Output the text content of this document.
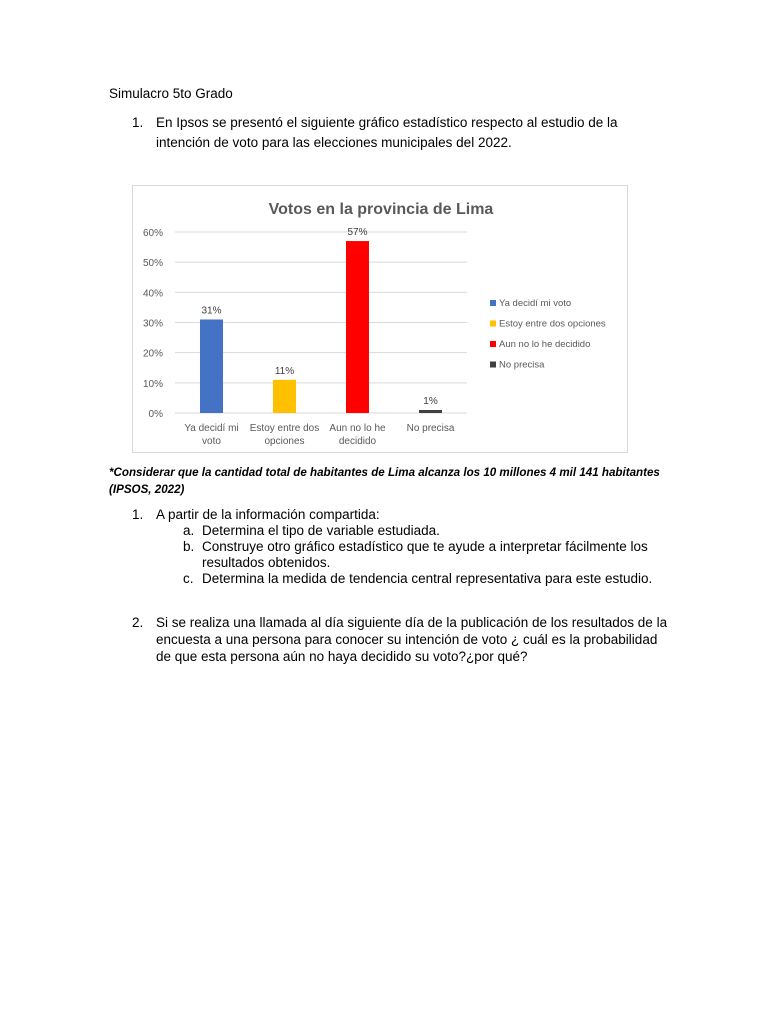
Simulacro 5to Grado
1. En Ipsos se presentó el siguiente gráfico estadístico respecto al estudio de la intención de voto para las elecciones municipales del 2022.
Votos en la provincia de Lima
0%
10%
20%
30%
40%
50%
60%
31%
Ya decidí mi
voto
11%
Estoy entre dos
opciones
57%
Aun no lo he
decidido
1%
No precisa
Ya decidí mi voto
Estoy entre dos opciones
Aun no lo he decidido
No precisa
*Considerar que la cantidad total de habitantes de Lima alcanza los 10 millones 4 mil 141 habitantes (IPSOS, 2022)
1. A partir de la información compartida:
a. Determina el tipo de variable estudiada.
b. Construye otro gráfico estadístico que te ayude a interpretar fácilmente los resultados obtenidos.
c. Determina la medida de tendencia central representativa para este estudio.
2. Si se realiza una llamada al día siguiente día de la publicación de los resultados de la encuesta a una persona para conocer su intención de voto ¿ cuál es la probabilidad de que esta persona aún no haya decidido su voto?¿por qué?
